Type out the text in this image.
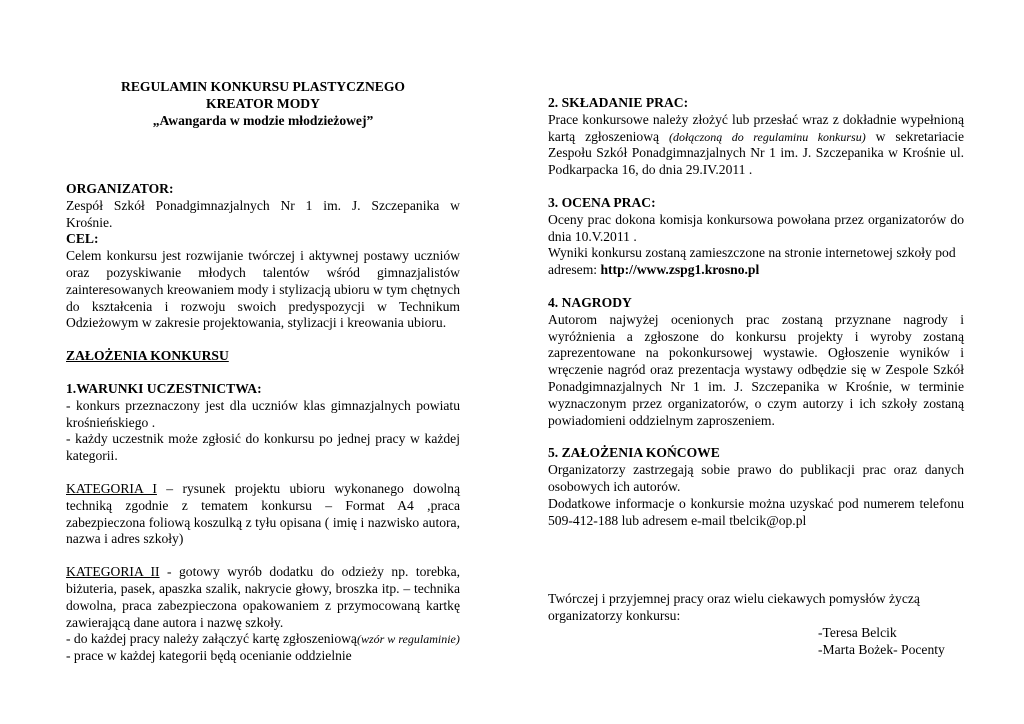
REGULAMIN KONKURSU PLASTYCZNEGO
KREATOR MODY
„Awangarda w modzie młodzieżowej”

ORGANIZATOR:

Zespół Szkół Ponadgimnazjalnych Nr 1 im. J. Szczepanika w

Krośnie.

CEL:

Celem konkursu jest rozwijanie twórczej i aktywnej postawy uczniów oraz pozyskiwanie młodych talentów wśród gimnazjalistów zainteresowanych kreowaniem mody i stylizacją ubioru w tym chętnych do kształcenia i rozwoju swoich predyspozycji w Technikum Odzieżowym w zakresie projektowania, stylizacji i kreowania ubioru.

ZAŁOŻENIA KONKURSU

1.WARUNKI UCZESTNICTWA:

- konkurs przeznaczony jest dla uczniów klas gimnazjalnych powiatu krośnieńskiego .

- każdy uczestnik może zgłosić do konkursu po jednej pracy w każdej kategorii.

KATEGORIA I – rysunek projektu ubioru wykonanego dowolną techniką zgodnie z tematem konkursu – Format A4 ,praca zabezpieczona foliową koszulką z tyłu opisana ( imię i nazwisko autora, nazwa i adres szkoły)

KATEGORIA II - gotowy wyrób dodatku do odzieży np. torebka, biżuteria, pasek, apaszka szalik, nakrycie głowy, broszka itp. – technika dowolna, praca zabezpieczona opakowaniem z przymocowaną kartkę zawierającą dane autora i nazwę szkoły.

- do każdej pracy należy załączyć kartę zgłoszeniową(wzór w regulaminie)

- prace w każdej kategorii będą ocenianie oddzielnie

2. SKŁADANIE PRAC:

Prace konkursowe należy złożyć lub przesłać wraz z dokładnie wypełnioną kartą zgłoszeniową (dołączoną do regulaminu konkursu) w sekretariacie Zespołu Szkół Ponadgimnazjalnych Nr 1 im. J. Szczepanika w Krośnie ul. Podkarpacka 16, do dnia 29.IV.2011 .

3. OCENA PRAC:

Oceny prac dokona komisja konkursowa powołana przez organizatorów do dnia 10.V.2011 .

Wyniki konkursu zostaną zamieszczone na stronie internetowej szkoły pod adresem: http://www.zspg1.krosno.pl

4. NAGRODY

Autorom najwyżej ocenionych prac zostaną przyznane nagrody i wyróżnienia a zgłoszone do konkursu projekty i wyroby zostaną zaprezentowane na pokonkursowej wystawie. Ogłoszenie wyników i wręczenie nagród oraz prezentacja wystawy odbędzie się w Zespole Szkół Ponadgimnazjalnych Nr 1 im. J. Szczepanika w Krośnie, w terminie wyznaczonym przez organizatorów, o czym autorzy i ich szkoły zostaną powiadomieni oddzielnym zaproszeniem.

5. ZAŁOŻENIA KOŃCOWE

Organizatorzy zastrzegają sobie prawo do publikacji prac oraz danych osobowych ich autorów.

Dodatkowe informacje o konkursie można uzyskać pod numerem telefonu 509-412-188 lub adresem e-mail tbelcik@op.pl

Twórczej i przyjemnej pracy oraz wielu ciekawych pomysłów życzą organizatorzy konkursu:

-Teresa Belcik

-Marta Bożek- Pocenty
